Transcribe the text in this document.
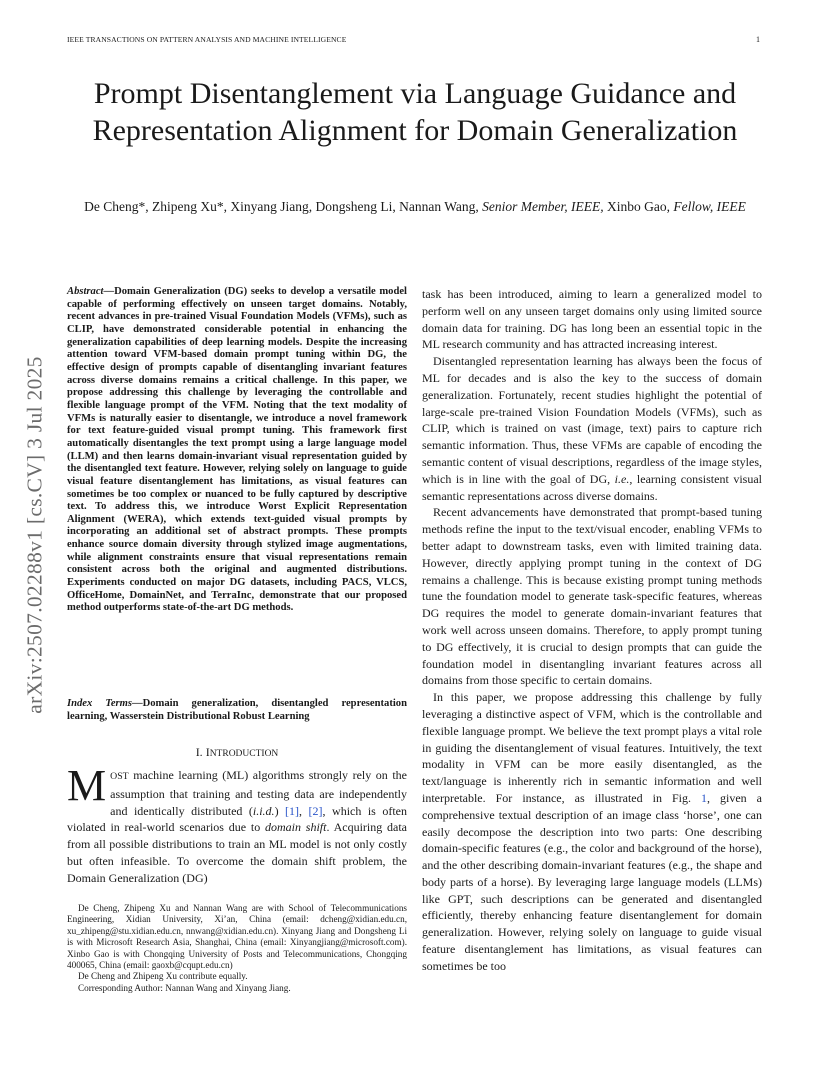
IEEE TRANSACTIONS ON PATTERN ANALYSIS AND MACHINE INTELLIGENCE	1
arXiv:2507.02288v1 [cs.CV] 3 Jul 2025
Prompt Disentanglement via Language Guidance and Representation Alignment for Domain Generalization
De Cheng*, Zhipeng Xu*, Xinyang Jiang, Dongsheng Li, Nannan Wang, Senior Member, IEEE, Xinbo Gao, Fellow, IEEE
Abstract—Domain Generalization (DG) seeks to develop a versatile model capable of performing effectively on unseen target domains. Notably, recent advances in pre-trained Visual Foundation Models (VFMs), such as CLIP, have demonstrated considerable potential in enhancing the generalization capabilities of deep learning models. Despite the increasing attention toward VFM-based domain prompt tuning within DG, the effective design of prompts capable of disentangling invariant features across diverse domains remains a critical challenge. In this paper, we propose addressing this challenge by leveraging the controllable and flexible language prompt of the VFM. Noting that the text modality of VFMs is naturally easier to disentangle, we introduce a novel framework for text feature-guided visual prompt tuning. This framework first automatically disentangles the text prompt using a large language model (LLM) and then learns domain-invariant visual representation guided by the disentangled text feature. However, relying solely on language to guide visual feature disentanglement has limitations, as visual features can sometimes be too complex or nuanced to be fully captured by descriptive text. To address this, we introduce Worst Explicit Representation Alignment (WERA), which extends text-guided visual prompts by incorporating an additional set of abstract prompts. These prompts enhance source domain diversity through stylized image augmentations, while alignment constraints ensure that visual representations remain consistent across both the original and augmented distributions. Experiments conducted on major DG datasets, including PACS, VLCS, OfficeHome, DomainNet, and TerraInc, demonstrate that our proposed method outperforms state-of-the-art DG methods.
Index Terms—Domain generalization, disentangled representation learning, Wasserstein Distributional Robust Learning
I. INTRODUCTION
MOST machine learning (ML) algorithms strongly rely on the assumption that training and testing data are independently and identically distributed (i.i.d.) [1], [2], which is often violated in real-world scenarios due to domain shift. Acquiring data from all possible distributions to train an ML model is not only costly but often infeasible. To overcome the domain shift problem, the Domain Generalization (DG)

De Cheng, Zhipeng Xu and Nannan Wang are with School of Telecommunications Engineering, Xidian University, Xi’an, China (email: dcheng@xidian.edu.cn, xu_zhipeng@stu.xidian.edu.cn, nnwang@xidian.edu.cn). Xinyang Jiang and Dongsheng Li is with Microsoft Research Asia, Shanghai, China (email: Xinyangjiang@microsoft.com). Xinbo Gao is with Chongqing University of Posts and Telecommunications, Chongqing 400065, China (email: gaoxb@cqupt.edu.cn)

De Cheng and Zhipeng Xu contribute equally.

Corresponding Author: Nannan Wang and Xinyang Jiang.

task has been introduced, aiming to learn a generalized model to perform well on any unseen target domains only using limited source domain data for training. DG has long been an essential topic in the ML research community and has attracted increasing interest.

Disentangled representation learning has always been the focus of ML for decades and is also the key to the success of domain generalization. Fortunately, recent studies highlight the potential of large-scale pre-trained Vision Foundation Models (VFMs), such as CLIP, which is trained on vast (image, text) pairs to capture rich semantic information. Thus, these VFMs are capable of encoding the semantic content of visual descriptions, regardless of the image styles, which is in line with the goal of DG, i.e., learning consistent visual semantic representations across diverse domains.

Recent advancements have demonstrated that prompt-based tuning methods refine the input to the text/visual encoder, enabling VFMs to better adapt to downstream tasks, even with limited training data. However, directly applying prompt tuning in the context of DG remains a challenge. This is because existing prompt tuning methods tune the foundation model to generate task-specific features, whereas DG requires the model to generate domain-invariant features that work well across unseen domains. Therefore, to apply prompt tuning to DG effectively, it is crucial to design prompts that can guide the foundation model in disentangling invariant features across all domains from those specific to certain domains.

In this paper, we propose addressing this challenge by fully leveraging a distinctive aspect of VFM, which is the controllable and flexible language prompt. We believe the text prompt plays a vital role in guiding the disentanglement of visual features. Intuitively, the text modality in VFM can be more easily disentangled, as the text/language is inherently rich in semantic information and well interpretable. For instance, as illustrated in Fig. 1, given a comprehensive textual description of an image class ‘horse’, one can easily decompose the description into two parts: One describing domain-specific features (e.g., the color and background of the horse), and the other describing domain-invariant features (e.g., the shape and body parts of a horse). By leveraging large language models (LLMs) like GPT, such descriptions can be generated and disentangled efficiently, thereby enhancing feature disentanglement for domain generalization. However, relying solely on language to guide visual feature disentanglement has limitations, as visual features can sometimes be too
